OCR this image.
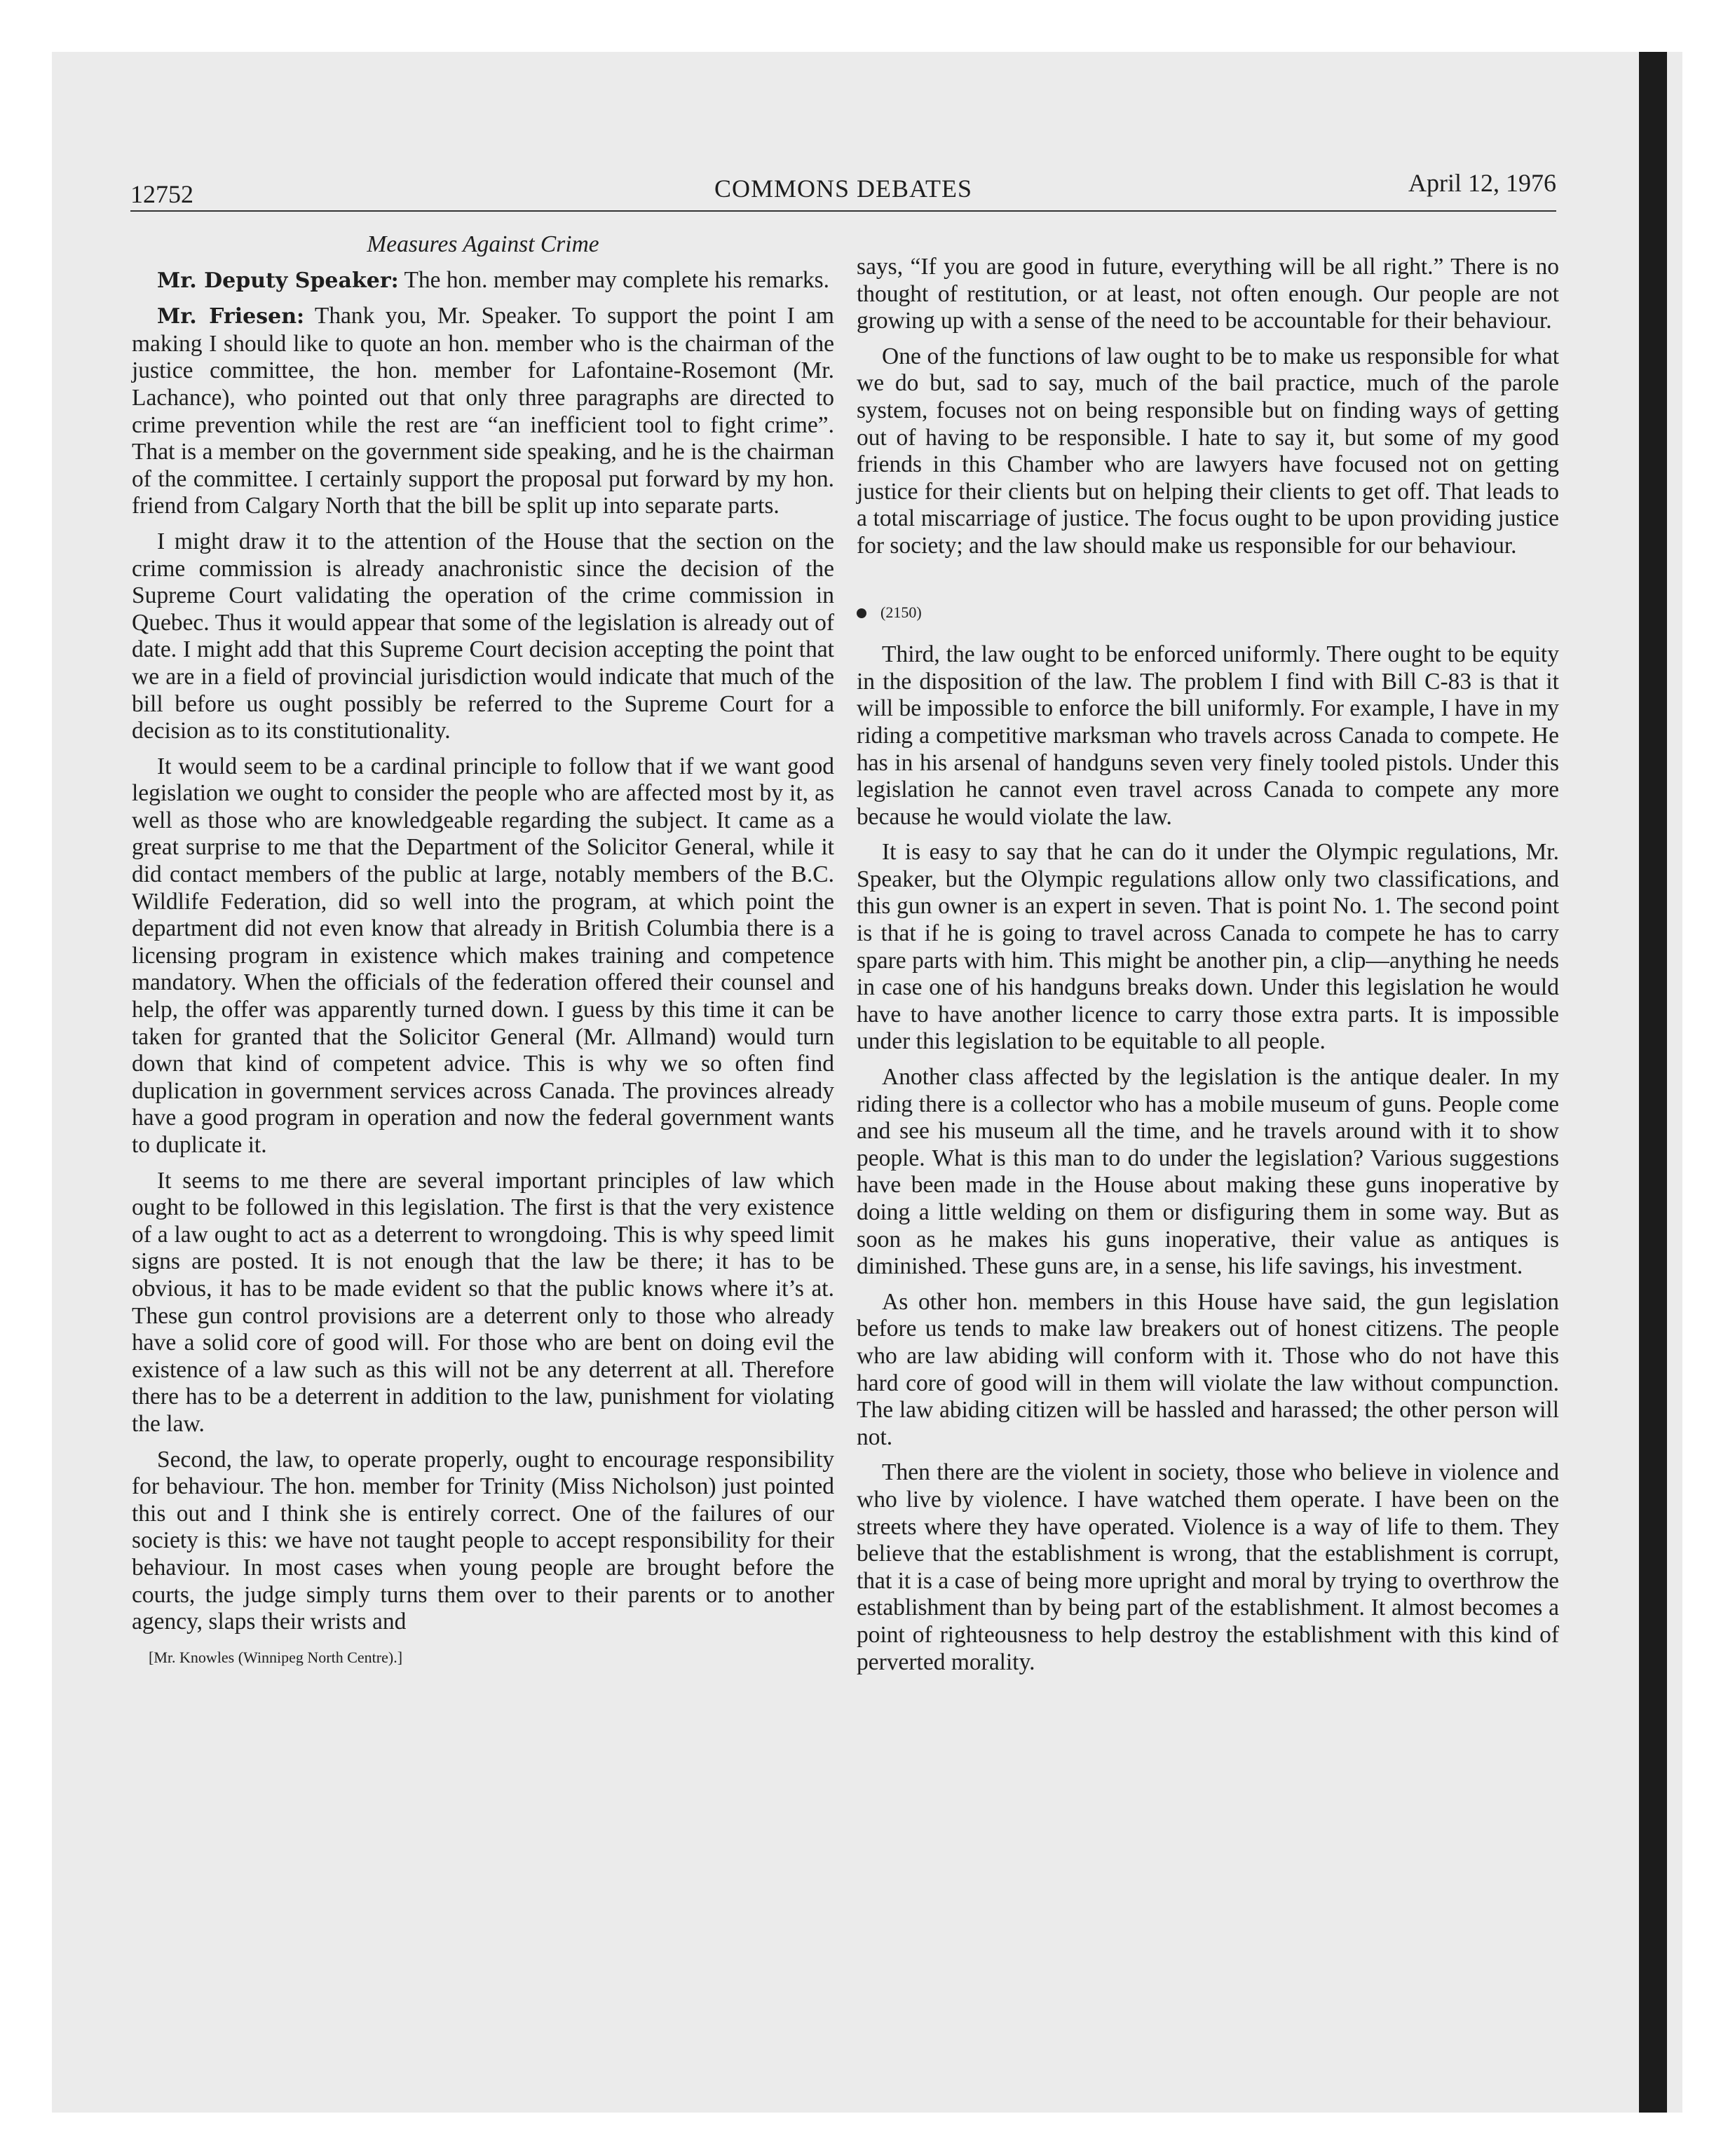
12752	COMMONS DEBATES	April 12, 1976
Measures Against Crime

Mr. Deputy Speaker: The hon. member may complete his remarks.

Mr. Friesen: Thank you, Mr. Speaker. To support the point I am making I should like to quote an hon. member who is the chairman of the justice committee, the hon. member for Lafontaine-Rosemont (Mr. Lachance), who pointed out that only three paragraphs are directed to crime prevention while the rest are “an inefficient tool to fight crime”. That is a member on the government side speaking, and he is the chairman of the committee. I certainly support the proposal put forward by my hon. friend from Calgary North that the bill be split up into separate parts.

I might draw it to the attention of the House that the section on the crime commission is already anachronistic since the decision of the Supreme Court validating the operation of the crime commission in Quebec. Thus it would appear that some of the legislation is already out of date. I might add that this Supreme Court decision accepting the point that we are in a field of provincial jurisdiction would indicate that much of the bill before us ought possibly be referred to the Supreme Court for a decision as to its constitutionality.

It would seem to be a cardinal principle to follow that if we want good legislation we ought to consider the people who are affected most by it, as well as those who are knowledgeable regarding the subject. It came as a great surprise to me that the Department of the Solicitor General, while it did contact members of the public at large, notably members of the B.C. Wildlife Federation, did so well into the program, at which point the department did not even know that already in British Columbia there is a licensing program in existence which makes training and competence mandatory. When the officials of the federation offered their counsel and help, the offer was apparently turned down. I guess by this time it can be taken for granted that the Solicitor General (Mr. Allmand) would turn down that kind of competent advice. This is why we so often find duplication in government services across Canada. The provinces already have a good program in operation and now the federal government wants to duplicate it.

It seems to me there are several important principles of law which ought to be followed in this legislation. The first is that the very existence of a law ought to act as a deterrent to wrongdoing. This is why speed limit signs are posted. It is not enough that the law be there; it has to be obvious, it has to be made evident so that the public knows where it’s at. These gun control provisions are a deterrent only to those who already have a solid core of good will. For those who are bent on doing evil the existence of a law such as this will not be any deterrent at all. Therefore there has to be a deterrent in addition to the law, punishment for violating the law.

Second, the law, to operate properly, ought to encourage responsibility for behaviour. The hon. member for Trinity (Miss Nicholson) just pointed this out and I think she is entirely correct. One of the failures of our society is this: we have not taught people to accept responsibility for their behaviour. In most cases when young people are brought before the courts, the judge simply turns them over to their parents or to another agency, slaps their wrists and

[Mr. Knowles (Winnipeg North Centre).]

says, “If you are good in future, everything will be all right.” There is no thought of restitution, or at least, not often enough. Our people are not growing up with a sense of the need to be accountable for their behaviour.

One of the functions of law ought to be to make us responsible for what we do but, sad to say, much of the bail practice, much of the parole system, focuses not on being responsible but on finding ways of getting out of having to be responsible. I hate to say it, but some of my good friends in this Chamber who are lawyers have focused not on getting justice for their clients but on helping their clients to get off. That leads to a total miscarriage of justice. The focus ought to be upon providing justice for society; and the law should make us responsible for our behaviour.

(2150)

Third, the law ought to be enforced uniformly. There ought to be equity in the disposition of the law. The problem I find with Bill C-83 is that it will be impossible to enforce the bill uniformly. For example, I have in my riding a competitive marksman who travels across Canada to compete. He has in his arsenal of handguns seven very finely tooled pistols. Under this legislation he cannot even travel across Canada to compete any more because he would violate the law.

It is easy to say that he can do it under the Olympic regulations, Mr. Speaker, but the Olympic regulations allow only two classifications, and this gun owner is an expert in seven. That is point No. 1. The second point is that if he is going to travel across Canada to compete he has to carry spare parts with him. This might be another pin, a clip—anything he needs in case one of his handguns breaks down. Under this legislation he would have to have another licence to carry those extra parts. It is impossible under this legislation to be equitable to all people.

Another class affected by the legislation is the antique dealer. In my riding there is a collector who has a mobile museum of guns. People come and see his museum all the time, and he travels around with it to show people. What is this man to do under the legislation? Various suggestions have been made in the House about making these guns inoperative by doing a little welding on them or disfiguring them in some way. But as soon as he makes his guns inoperative, their value as antiques is diminished. These guns are, in a sense, his life savings, his investment.

As other hon. members in this House have said, the gun legislation before us tends to make law breakers out of honest citizens. The people who are law abiding will conform with it. Those who do not have this hard core of good will in them will violate the law without compunction. The law abiding citizen will be hassled and harassed; the other person will not.

Then there are the violent in society, those who believe in violence and who live by violence. I have watched them operate. I have been on the streets where they have operated. Violence is a way of life to them. They believe that the establishment is wrong, that the establishment is corrupt, that it is a case of being more upright and moral by trying to overthrow the establishment than by being part of the establishment. It almost becomes a point of righteousness to help destroy the establishment with this kind of perverted morality.
